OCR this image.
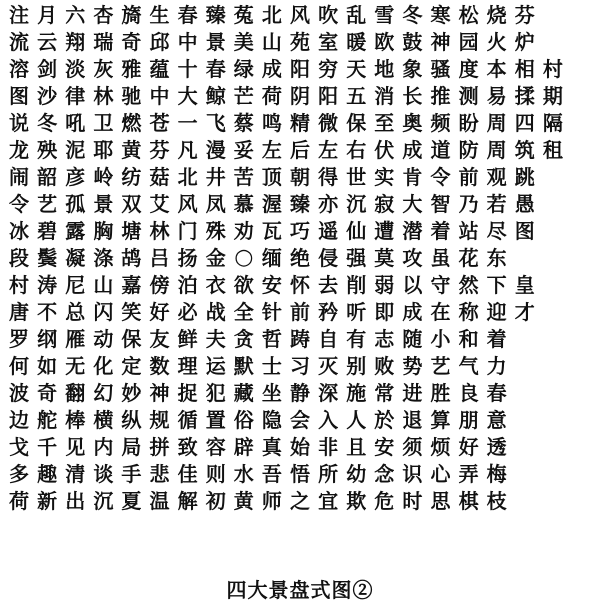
注 月 六 杏 旖 生 春 臻 菟 北 风 吹 乱 雪 冬 寒 松 烧 芬
流 云 翔 瑞 奇 邱 中 景 美 山 苑 室 暖 欧 鼓 神 园 火 炉
溶 剑 淡 灰 雅 蕴 十 春 绿 成 阳 穷 天 地 象 骚 度 本 相 村
图 沙 律 林 驰 中 大 鲸 芒 荷 阴 阳 五 消 长 推 测 易 揉 期
说 冬 吼 卫 燃 苍 一 飞 蔡 鸣 精 微 保 至 奥 频 盼 周 四 隔
龙 殃 泥 耶 黄 芬 凡 漫 妥 左 后 左 右 伏 成 道 防 周 筑 租
闹 韶 彦 岭 纺 菇 北 井 苦 顶 朝 得 世 实 肯 令 前 观 跳
令 艺 孤 景 双 艾 风 凤 慕 渥 臻 亦 沉 寂 大 智 乃 若 愚
冰 碧 露 胸 塘 林 门 殊 劝 瓦 巧 遥 仙 遭 潜 着 站 尽 图
段 鬓 凝 涤 鸪 吕 扬 金 ○ 缅 绝 侵 强 莫 攻 虽 花 东
村 涛 尼 山 嘉 傍 泊 衣 欲 安 怀 去 削 弱 以 守 然 下 皇
唐 不 总 闪 笑 好 必 战 全 针 前 矜 听 即 成 在 称 迎 才
罗 纲 雁 动 保 友 鲜 夫 贪 哲 踌 自 有 志 随 小 和 着
何 如 无 化 定 数 理 运 默 士 习 灭 别 败 势 艺 气 力
波 奇 翻 幻 妙 神 捉 犯 藏 坐 静 深 施 常 进 胜 良 春
边 舵 棒 横 纵 规 循 置 俗 隐 会 入 人 於 退 算 朋 意
戈 千 见 内 局 拼 致 容 辟 真 始 非 且 安 须 烦 好 透
多 趣 清 谈 手 悲 佳 则 水 吾 悟 所 幼 念 识 心 弄 梅
荷 新 出 沉 夏 温 解 初 黄 师 之 宜 欺 危 时 思 棋 枝
四大景盘式图②
